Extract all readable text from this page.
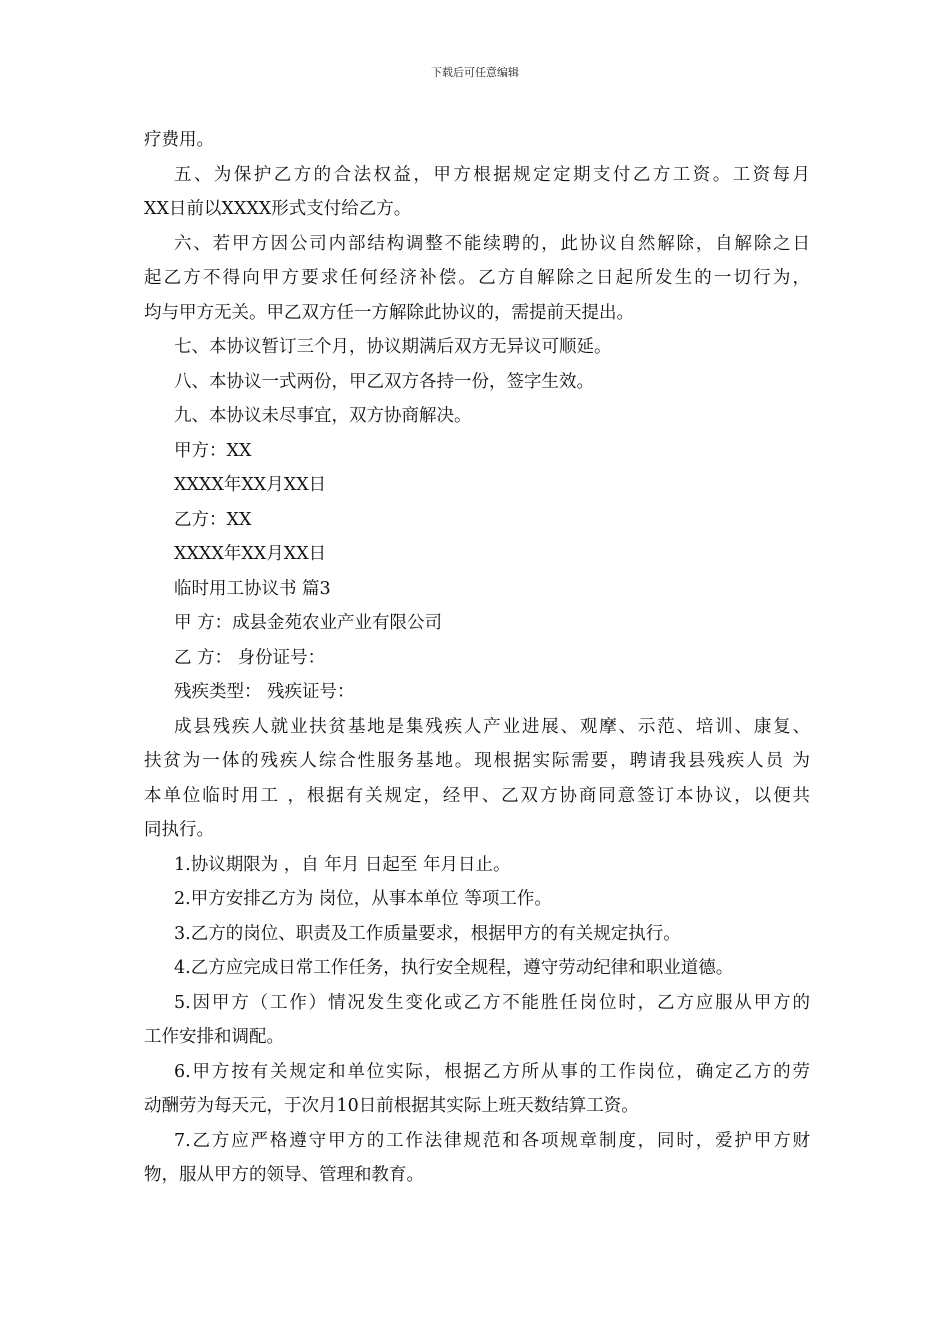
下载后可任意编辑
疗费用。
五、为保护乙方的合法权益，甲方根据规定定期支付乙方工资。工资每月
XX日前以XXXX形式支付给乙方。
六、若甲方因公司内部结构调整不能续聘的，此协议自然解除，自解除之日
起乙方不得向甲方要求任何经济补偿。乙方自解除之日起所发生的一切行为，
均与甲方无关。甲乙双方任一方解除此协议的，需提前天提出。
七、本协议暂订三个月，协议期满后双方无异议可顺延。
八、本协议一式两份，甲乙双方各持一份，签字生效。
九、本协议未尽事宜，双方协商解决。
甲方：XX
XXXX年XX月XX日
乙方：XX
XXXX年XX月XX日
临时用工协议书 篇3
甲 方：成县金苑农业产业有限公司
乙 方： 身份证号：
残疾类型： 残疾证号：
成县残疾人就业扶贫基地是集残疾人产业进展、观摩、示范、培训、康复、
扶贫为一体的残疾人综合性服务基地。现根据实际需要，聘请我县残疾人员 为
本单位临时用工 ，根据有关规定，经甲、乙双方协商同意签订本协议，以便共
同执行。
1.协议期限为 ，自 年月 日起至 年月日止。
2.甲方安排乙方为 岗位，从事本单位 等项工作。
3.乙方的岗位、职责及工作质量要求，根据甲方的有关规定执行。
4.乙方应完成日常工作任务，执行安全规程，遵守劳动纪律和职业道德。
5.因甲方（工作）情况发生变化或乙方不能胜任岗位时，乙方应服从甲方的
工作安排和调配。
6.甲方按有关规定和单位实际，根据乙方所从事的工作岗位，确定乙方的劳
动酬劳为每天元，于次月10日前根据其实际上班天数结算工资。
7.乙方应严格遵守甲方的工作法律规范和各项规章制度，同时，爱护甲方财
物，服从甲方的领导、管理和教育。
